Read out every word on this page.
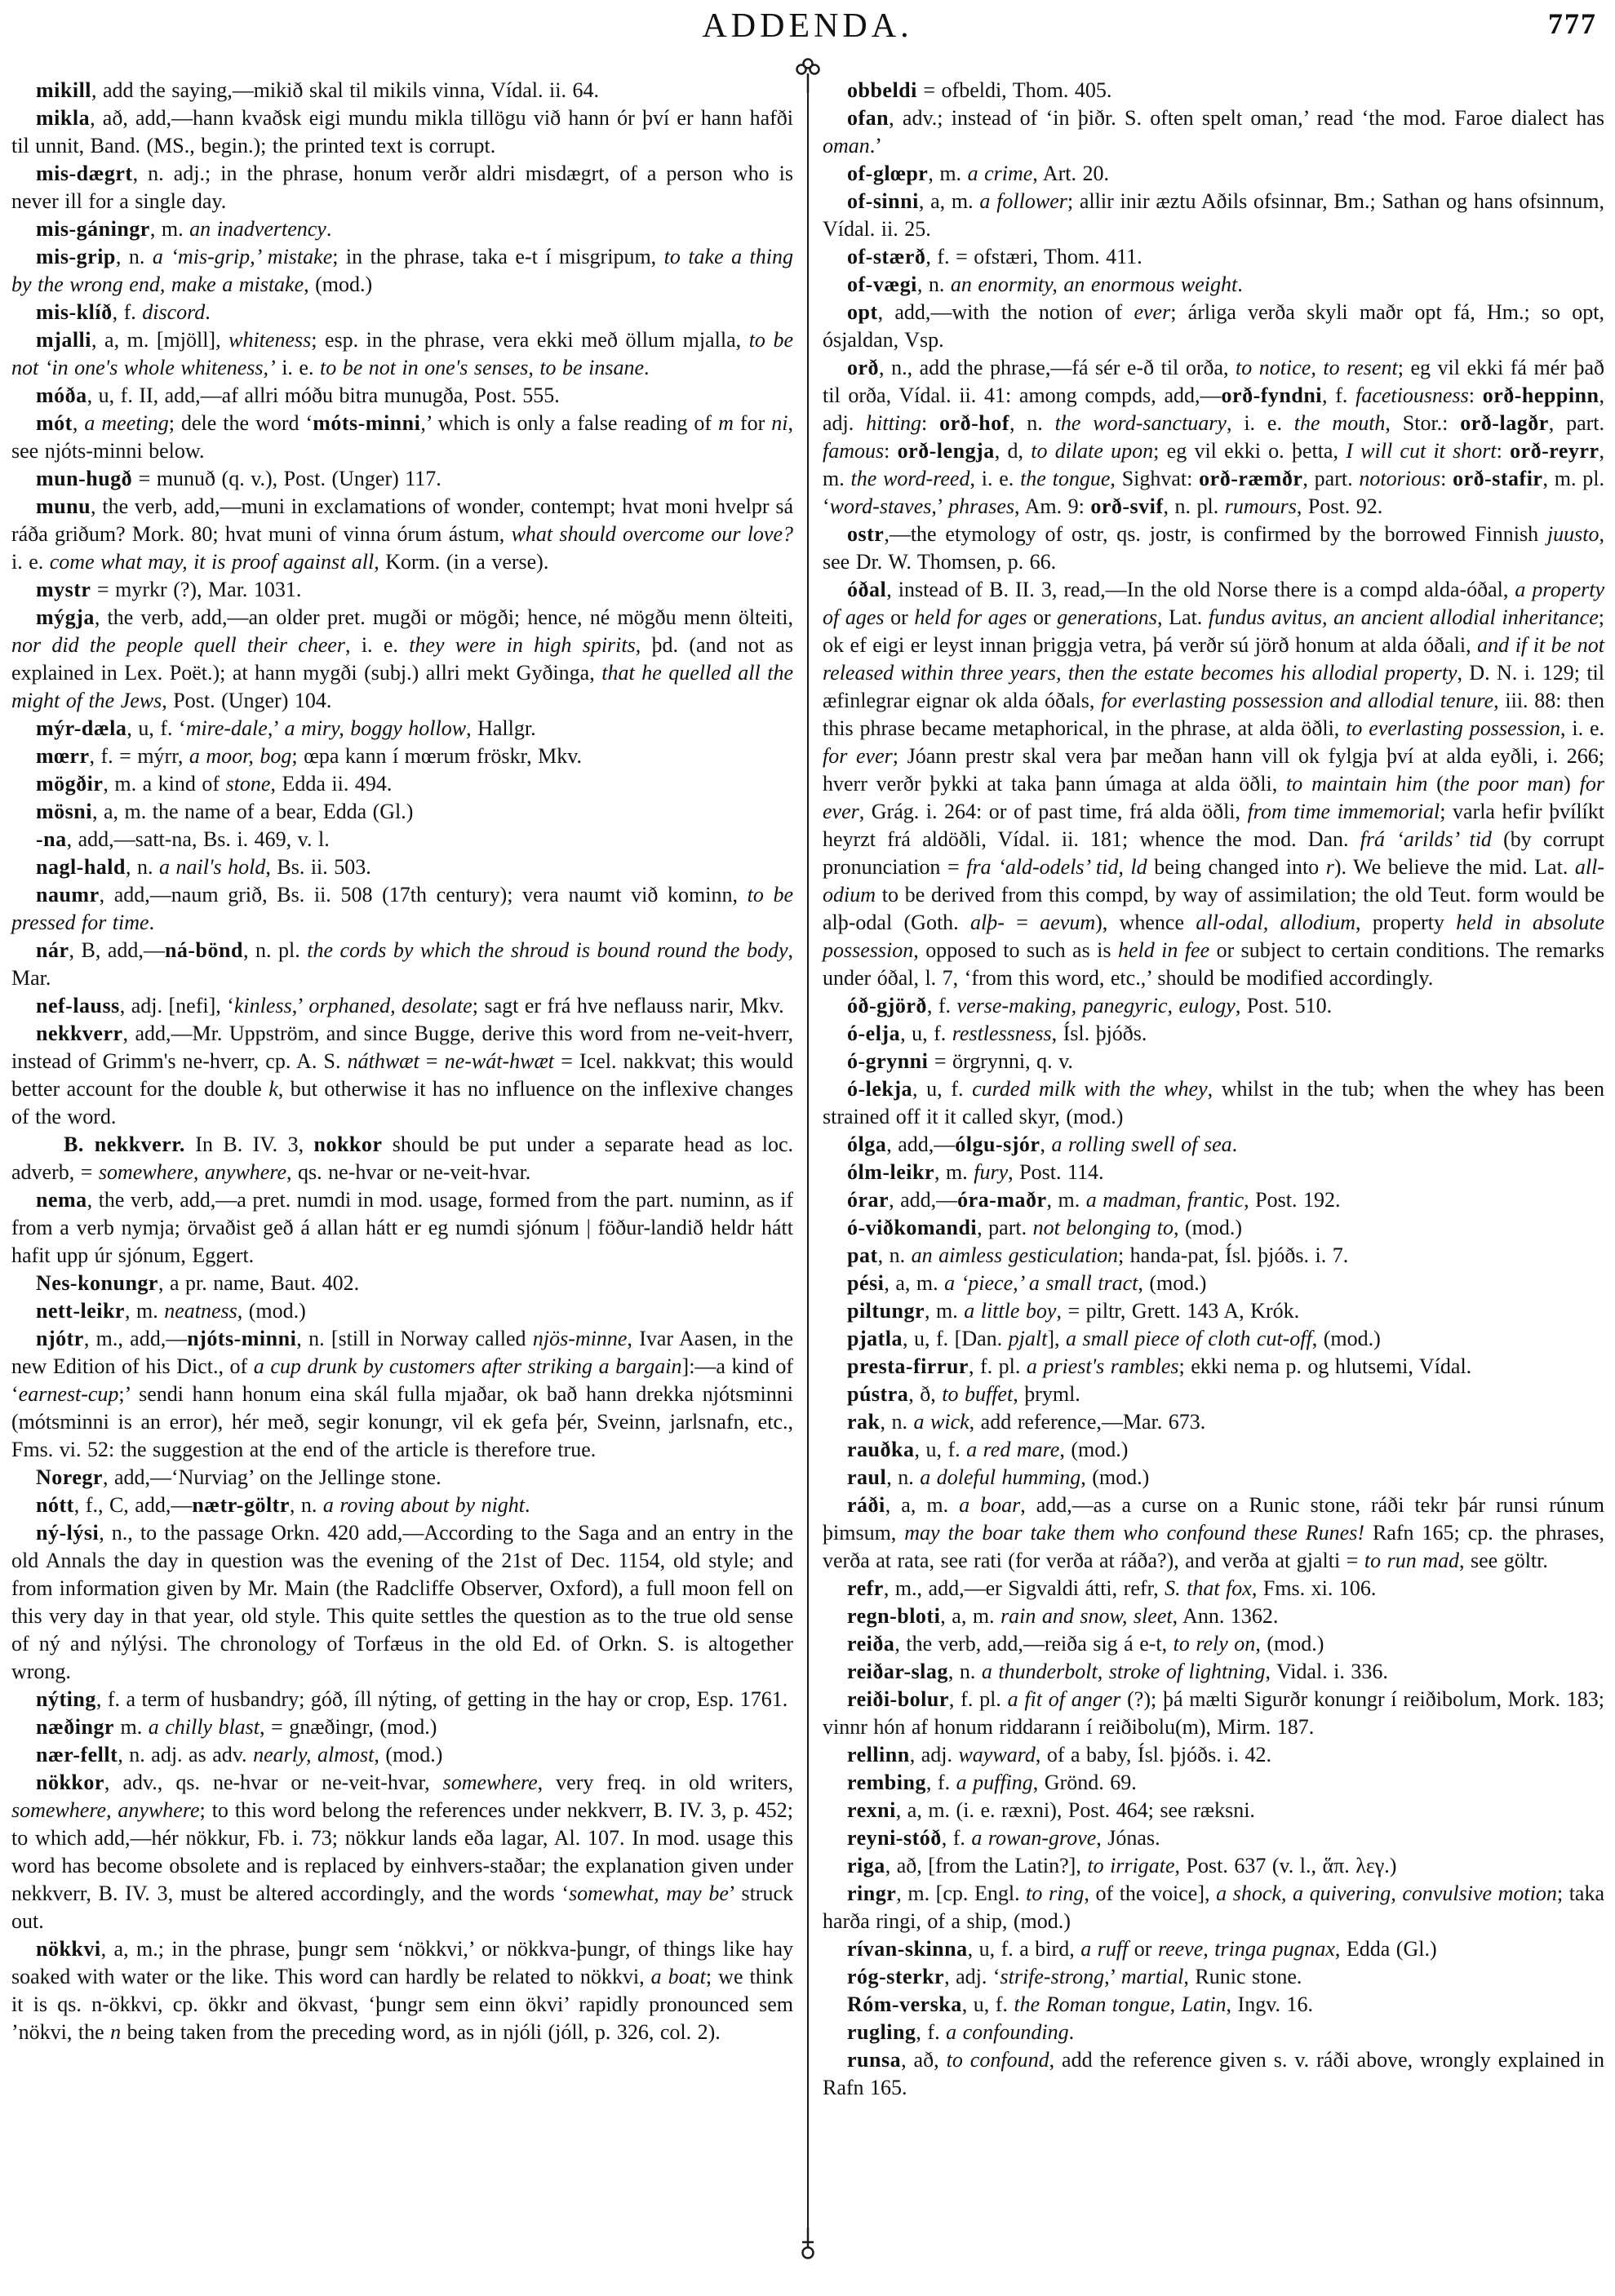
ADDENDA.	777

mikill, add the saying,—mikið skal til mikils vinna, Vídal. ii. 64.

mikla, að, add,—hann kvaðsk eigi mundu mikla tillögu við hann ór því er hann hafði til unnit, Band. (MS., begin.); the printed text is corrupt.

mis-dægrt, n. adj.; in the phrase, honum verðr aldri misdægrt, of a person who is never ill for a single day.

mis-gáningr, m. an inadvertency.

mis-grip, n. a ‘mis-grip,’ mistake; in the phrase, taka e-t í misgripum, to take a thing by the wrong end, make a mistake, (mod.)

mis-klíð, f. discord.

mjalli, a, m. [mjöll], whiteness; esp. in the phrase, vera ekki með öllum mjalla, to be not ‘in one's whole whiteness,’ i. e. to be not in one's senses, to be insane.

móða, u, f. II, add,—af allri móðu bitra munugða, Post. 555.

mót, a meeting; dele the word ‘móts-minni,’ which is only a false reading of m for ni, see njóts-minni below.

mun-hugð = munuð (q. v.), Post. (Unger) 117.

munu, the verb, add,—muni in exclamations of wonder, contempt; hvat moni hvelpr sá ráða griðum? Mork. 80; hvat muni of vinna órum ástum, what should overcome our love? i. e. come what may, it is proof against all, Korm. (in a verse).

mystr = myrkr (?), Mar. 1031.

mýgja, the verb, add,—an older pret. mugði or mögði; hence, né mögðu menn ölteiti, nor did the people quell their cheer, i. e. they were in high spirits, þd. (and not as explained in Lex. Poët.); at hann mygði (subj.) allri mekt Gyðinga, that he quelled all the might of the Jews, Post. (Unger) 104.

mýr-dæla, u, f. ‘mire-dale,’ a miry, boggy hollow, Hallgr.

mœrr, f. = mýrr, a moor, bog; œpa kann í mœrum fröskr, Mkv.

mögðir, m. a kind of stone, Edda ii. 494.

mösni, a, m. the name of a bear, Edda (Gl.)

-na, add,—satt-na, Bs. i. 469, v. l.

nagl-hald, n. a nail's hold, Bs. ii. 503.

naumr, add,—naum grið, Bs. ii. 508 (17th century); vera naumt við kominn, to be pressed for time.

nár, B, add,—ná-bönd, n. pl. the cords by which the shroud is bound round the body, Mar.

nef-lauss, adj. [nefi], ‘kinless,’ orphaned, desolate; sagt er frá hve neflauss narir, Mkv.

nekkverr, add,—Mr. Uppström, and since Bugge, derive this word from ne-veit-hverr, instead of Grimm's ne-hverr, cp. A. S. náthwæt = ne-wát-hwæt = Icel. nakkvat; this would better account for the double k, but otherwise it has no influence on the inflexive changes of the word.

B. nekkverr. In B. IV. 3, nokkor should be put under a separate head as loc. adverb, = somewhere, anywhere, qs. ne-hvar or ne-veit-hvar.

nema, the verb, add,—a pret. numdi in mod. usage, formed from the part. numinn, as if from a verb nymja; örvaðist geð á allan hátt er eg numdi sjónum | föður-landið heldr hátt hafit upp úr sjónum, Eggert.

Nes-konungr, a pr. name, Baut. 402.

nett-leikr, m. neatness, (mod.)

njótr, m., add,—njóts-minni, n. [still in Norway called njös-minne, Ivar Aasen, in the new Edition of his Dict., of a cup drunk by customers after striking a bargain]:—a kind of ‘earnest-cup;’ sendi hann honum eina skál fulla mjaðar, ok bað hann drekka njótsminni (mótsminni is an error), hér með, segir konungr, vil ek gefa þér, Sveinn, jarlsnafn, etc., Fms. vi. 52: the suggestion at the end of the article is therefore true.

Noregr, add,—‘Nurviag’ on the Jellinge stone.

nótt, f., C, add,—nætr-göltr, n. a roving about by night.

ný-lýsi, n., to the passage Orkn. 420 add,—According to the Saga and an entry in the old Annals the day in question was the evening of the 21st of Dec. 1154, old style; and from information given by Mr. Main (the Radcliffe Observer, Oxford), a full moon fell on this very day in that year, old style. This quite settles the question as to the true old sense of ný and nýlýsi. The chronology of Torfæus in the old Ed. of Orkn. S. is altogether wrong.

nýting, f. a term of husbandry; góð, íll nýting, of getting in the hay or crop, Esp. 1761.

næðingr m. a chilly blast, = gnæðingr, (mod.)

nær-fellt, n. adj. as adv. nearly, almost, (mod.)

nökkor, adv., qs. ne-hvar or ne-veit-hvar, somewhere, very freq. in old writers, somewhere, anywhere; to this word belong the references under nekkverr, B. IV. 3, p. 452; to which add,—hér nökkur, Fb. i. 73; nökkur lands eða lagar, Al. 107. In mod. usage this word has become obsolete and is replaced by einhvers-staðar; the explanation given under nekkverr, B. IV. 3, must be altered accordingly, and the words ‘somewhat, may be’ struck out.

nökkvi, a, m.; in the phrase, þungr sem ‘nökkvi,’ or nökkva-þungr, of things like hay soaked with water or the like. This word can hardly be related to nökkvi, a boat; we think it is qs. n-ökkvi, cp. ökkr and ökvast, ‘þungr sem einn ökvi’ rapidly pronounced sem ’nökvi, the n being taken from the preceding word, as in njóli (jóll, p. 326, col. 2).

obbeldi = ofbeldi, Thom. 405.

ofan, adv.; instead of ‘in þiðr. S. often spelt oman,’ read ‘the mod. Faroe dialect has oman.’

of-glœpr, m. a crime, Art. 20.

of-sinni, a, m. a follower; allir inir æztu Aðils ofsinnar, Bm.; Sathan og hans ofsinnum, Vídal. ii. 25.

of-stærð, f. = ofstæri, Thom. 411.

of-vægi, n. an enormity, an enormous weight.

opt, add,—with the notion of ever; árliga verða skyli maðr opt fá, Hm.; so opt, ósjaldan, Vsp.

orð, n., add the phrase,—fá sér e-ð til orða, to notice, to resent; eg vil ekki fá mér það til orða, Vídal. ii. 41: among compds, add,—orð-fyndni, f. facetiousness: orð-heppinn, adj. hitting: orð-hof, n. the word-sanctuary, i. e. the mouth, Stor.: orð-lagðr, part. famous: orð-lengja, d, to dilate upon; eg vil ekki o. þetta, I will cut it short: orð-reyrr, m. the word-reed, i. e. the tongue, Sighvat: orð-ræmðr, part. notorious: orð-stafir, m. pl. ‘word-staves,’ phrases, Am. 9: orð-svif, n. pl. rumours, Post. 92.

ostr,—the etymology of ostr, qs. jostr, is confirmed by the borrowed Finnish juusto, see Dr. W. Thomsen, p. 66.

óðal, instead of B. II. 3, read,—In the old Norse there is a compd alda-óðal, a property of ages or held for ages or generations, Lat. fundus avitus, an ancient allodial inheritance; ok ef eigi er leyst innan þriggja vetra, þá verðr sú jörð honum at alda óðali, and if it be not released within three years, then the estate becomes his allodial property, D. N. i. 129; til æfinlegrar eignar ok alda óðals, for everlasting possession and allodial tenure, iii. 88: then this phrase became metaphorical, in the phrase, at alda öðli, to everlasting possession, i. e. for ever; Jóann prestr skal vera þar meðan hann vill ok fylgja því at alda eyðli, i. 266; hverr verðr þykki at taka þann úmaga at alda öðli, to maintain him (the poor man) for ever, Grág. i. 264: or of past time, frá alda öðli, from time immemorial; varla hefir þvílíkt heyrzt frá aldöðli, Vídal. ii. 181; whence the mod. Dan. frá ‘arilds’ tid (by corrupt pronunciation = fra ‘ald-odels’ tid, ld being changed into r). We believe the mid. Lat. all-odium to be derived from this compd, by way of assimilation; the old Teut. form would be alþ-odal (Goth. alþ- = aevum), whence all-odal, allodium, property held in absolute possession, opposed to such as is held in fee or subject to certain conditions. The remarks under óðal, l. 7, ‘from this word, etc.,’ should be modified accordingly.

óð-gjörð, f. verse-making, panegyric, eulogy, Post. 510.

ó-elja, u, f. restlessness, Ísl. þjóðs.

ó-grynni = örgrynni, q. v.

ó-lekja, u, f. curded milk with the whey, whilst in the tub; when the whey has been strained off it it called skyr, (mod.)

ólga, add,—ólgu-sjór, a rolling swell of sea.

ólm-leikr, m. fury, Post. 114.

órar, add,—óra-maðr, m. a madman, frantic, Post. 192.

ó-viðkomandi, part. not belonging to, (mod.)

pat, n. an aimless gesticulation; handa-pat, Ísl. þjóðs. i. 7.

pési, a, m. a ‘piece,’ a small tract, (mod.)

piltungr, m. a little boy, = piltr, Grett. 143 A, Krók.

pjatla, u, f. [Dan. pjalt], a small piece of cloth cut-off, (mod.)

presta-firrur, f. pl. a priest's rambles; ekki nema p. og hlutsemi, Vídal.

pústra, ð, to buffet, þryml.

rak, n. a wick, add reference,—Mar. 673.

rauðka, u, f. a red mare, (mod.)

raul, n. a doleful humming, (mod.)

ráði, a, m. a boar, add,—as a curse on a Runic stone, ráði tekr þár runsi rúnum þimsum, may the boar take them who confound these Runes! Rafn 165; cp. the phrases, verða at rata, see rati (for verða at ráða?), and verða at gjalti = to run mad, see göltr.

refr, m., add,—er Sigvaldi átti, refr, S. that fox, Fms. xi. 106.

regn-bloti, a, m. rain and snow, sleet, Ann. 1362.

reiða, the verb, add,—reiða sig á e-t, to rely on, (mod.)

reiðar-slag, n. a thunderbolt, stroke of lightning, Vidal. i. 336.

reiði-bolur, f. pl. a fit of anger (?); þá mælti Sigurðr konungr í reiðibolum, Mork. 183; vinnr hón af honum riddarann í reiðibolu(m), Mirm. 187.

rellinn, adj. wayward, of a baby, Ísl. þjóðs. i. 42.

rembing, f. a puffing, Grönd. 69.

rexni, a, m. (i. e. ræxni), Post. 464; see ræksni.

reyni-stóð, f. a rowan-grove, Jónas.

riga, að, [from the Latin?], to irrigate, Post. 637 (v. l., ἅπ. λεγ.)

ringr, m. [cp. Engl. to ring, of the voice], a shock, a quivering, convulsive motion; taka harða ringi, of a ship, (mod.)

rívan-skinna, u, f. a bird, a ruff or reeve, tringa pugnax, Edda (Gl.)

róg-sterkr, adj. ‘strife-strong,’ martial, Runic stone.

Róm-verska, u, f. the Roman tongue, Latin, Ingv. 16.

rugling, f. a confounding.

runsa, að, to confound, add the reference given s. v. ráði above, wrongly explained in Rafn 165.
